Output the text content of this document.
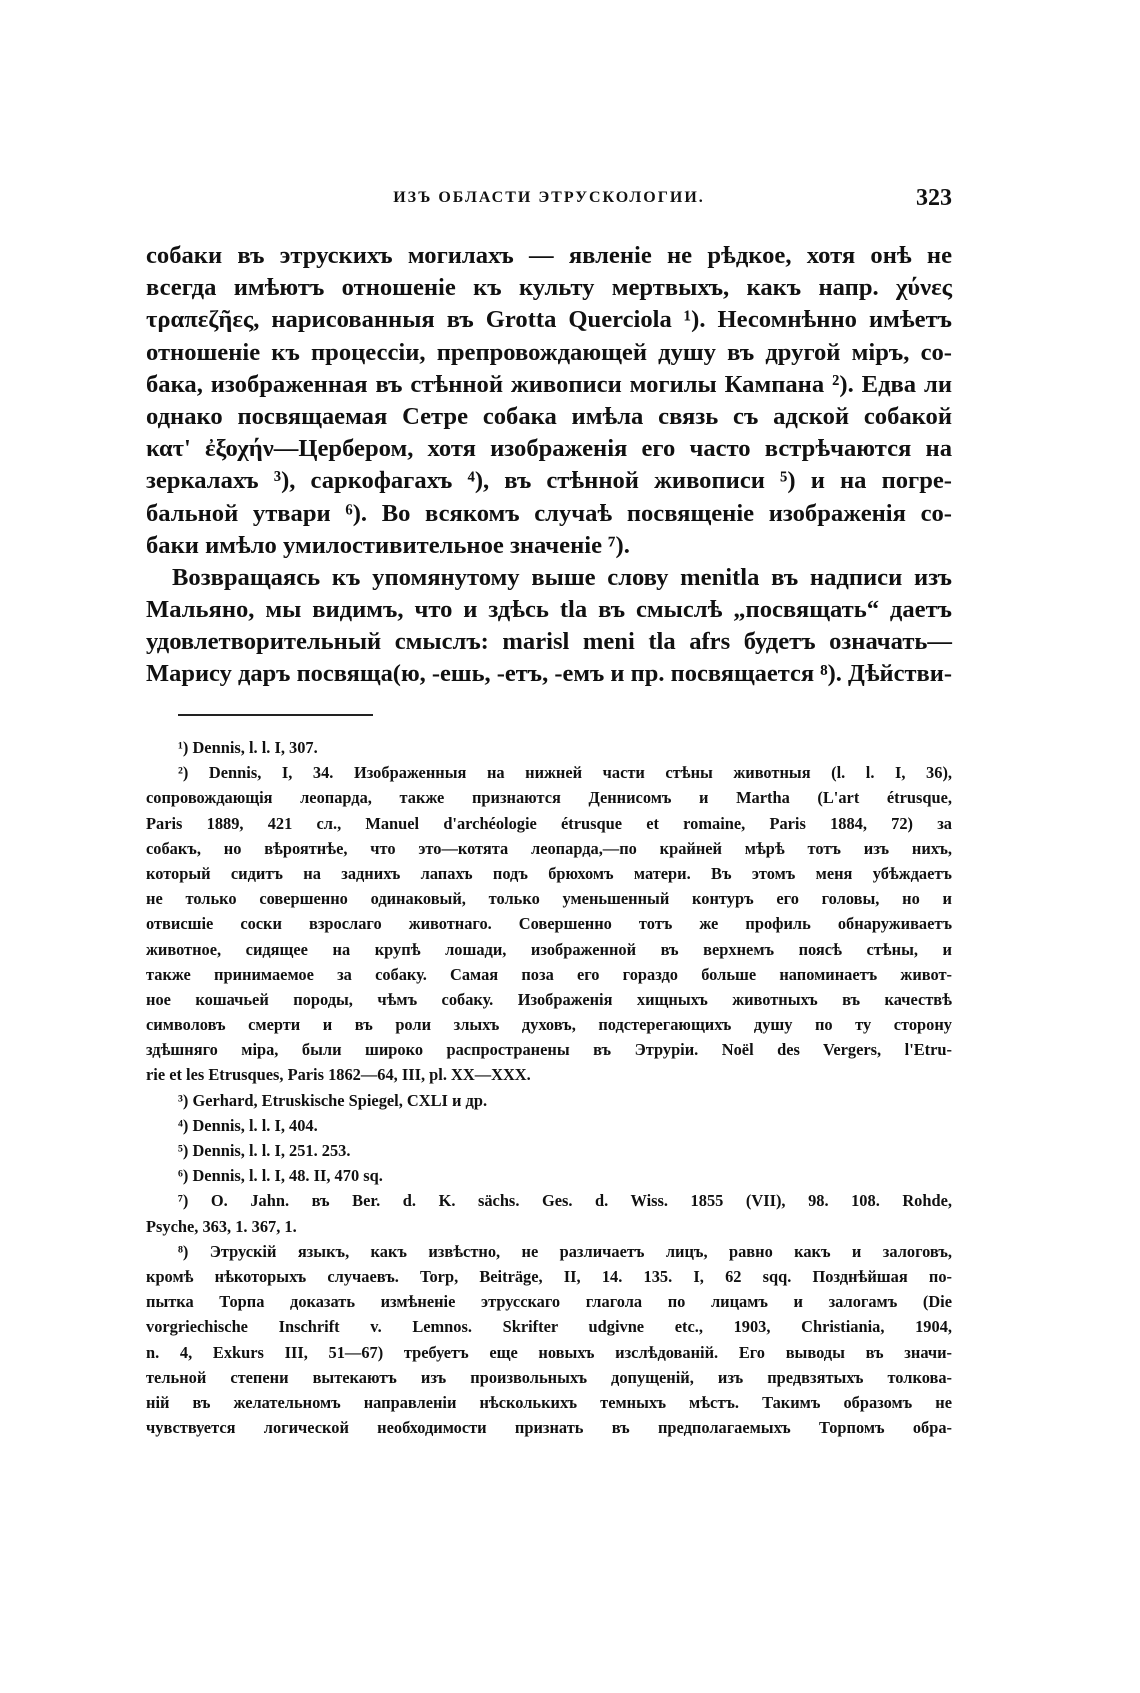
ИЗЪ ОБЛАСТИ ЭТРУСКОЛОГИИ.	323
собаки въ этрускихъ могилахъ — явленіе не рѣдкое, хотя онѣ не
всегда имѣютъ отношеніе къ культу мертвыхъ, какъ напр. χύνες
τραπεζῆες, нарисованныя въ Grotta Querciola ¹). Несомнѣнно имѣетъ
отношеніе къ процессіи, препровождающей душу въ другой міръ, со-
бака, изображенная въ стѣнной живописи могилы Кампана ²). Едва ли
однако посвящаемая Сетре собака имѣла связь съ адской собакой
κατ' ἐξοχήν—Цербером, хотя изображенія его часто встрѣчаются на
зеркалахъ ³), саркофагахъ ⁴), въ стѣнной живописи ⁵) и на погре-
бальной утвари ⁶). Во всякомъ случаѣ посвященіе изображенія со-
баки имѣло умилостивительное значеніе ⁷).
Возвращаясь къ упомянутому выше слову menitla въ надписи изъ
Мальяно, мы видимъ, что и здѣсь tla въ смыслѣ „посвящать“ даетъ
удовлетворительный смыслъ: marisl meni tla afrs будетъ означать—
Марису даръ посвяща(ю, -ешь, -етъ, -емъ и пр. посвящается ⁸). Дѣйстви-
¹) Dennis, l. l. I, 307.
²) Dennis, I, 34. Изображенныя на нижней части стѣны животныя (l. l. I, 36),
сопровождающія леопарда, также признаются Деннисомъ и Martha (L'art étrusque,
Paris 1889, 421 сл., Manuel d'archéologie étrusque et romaine, Paris 1884, 72) за
собакъ, но вѣроятнѣе, что это—котята леопарда,—по крайней мѣрѣ тотъ изъ нихъ,
который сидитъ на заднихъ лапахъ подъ брюхомъ матери. Въ этомъ меня убѣждаетъ
не только совершенно одинаковый, только уменьшенный контуръ его головы, но и
отвисшіе соски взрослаго животнаго. Совершенно тотъ же профиль обнаруживаетъ
животное, сидящее на крупѣ лошади, изображенной въ верхнемъ поясѣ стѣны, и
также принимаемое за собаку. Самая поза его гораздо больше напоминаетъ живот-
ное кошачьей породы, чѣмъ собаку. Изображенія хищныхъ животныхъ въ качествѣ
символовъ смерти и въ роли злыхъ духовъ, подстерегающихъ душу по ту сторону
здѣшняго міра, были широко распространены въ Этруріи. Noël des Vergers, l'Etru-
rie et les Etrusques, Paris 1862—64, III, pl. XX—XXX.
³) Gerhard, Etruskische Spiegel, CXLI и др.
⁴) Dennis, l. l. I, 404.
⁵) Dennis, l. l. I, 251. 253.
⁶) Dennis, l. l. I, 48. II, 470 sq.
⁷) O. Jahn. въ Ber. d. K. sächs. Ges. d. Wiss. 1855 (VII), 98. 108. Rohde,
Psyche, 363, 1. 367, 1.
⁸) Этрускій языкъ, какъ извѣстно, не различаетъ лицъ, равно какъ и залоговъ,
кромѣ нѣкоторыхъ случаевъ. Torp, Beiträge, II, 14. 135. I, 62 sqq. Позднѣйшая по-
пытка Торпа доказать измѣненіе этрусскаго глагола по лицамъ и залогамъ (Die
vorgriechische Inschrift v. Lemnos. Skrifter udgivne etc., 1903, Christiania, 1904,
n. 4, Exkurs III, 51—67) требуетъ еще новыхъ изслѣдованій. Его выводы въ значи-
тельной степени вытекаютъ изъ произвольныхъ допущеній, изъ предвзятыхъ толкова-
ній въ желательномъ направленіи нѣсколькихъ темныхъ мѣстъ. Такимъ образомъ не
чувствуется логической необходимости признать въ предполагаемыхъ Торпомъ обра-
